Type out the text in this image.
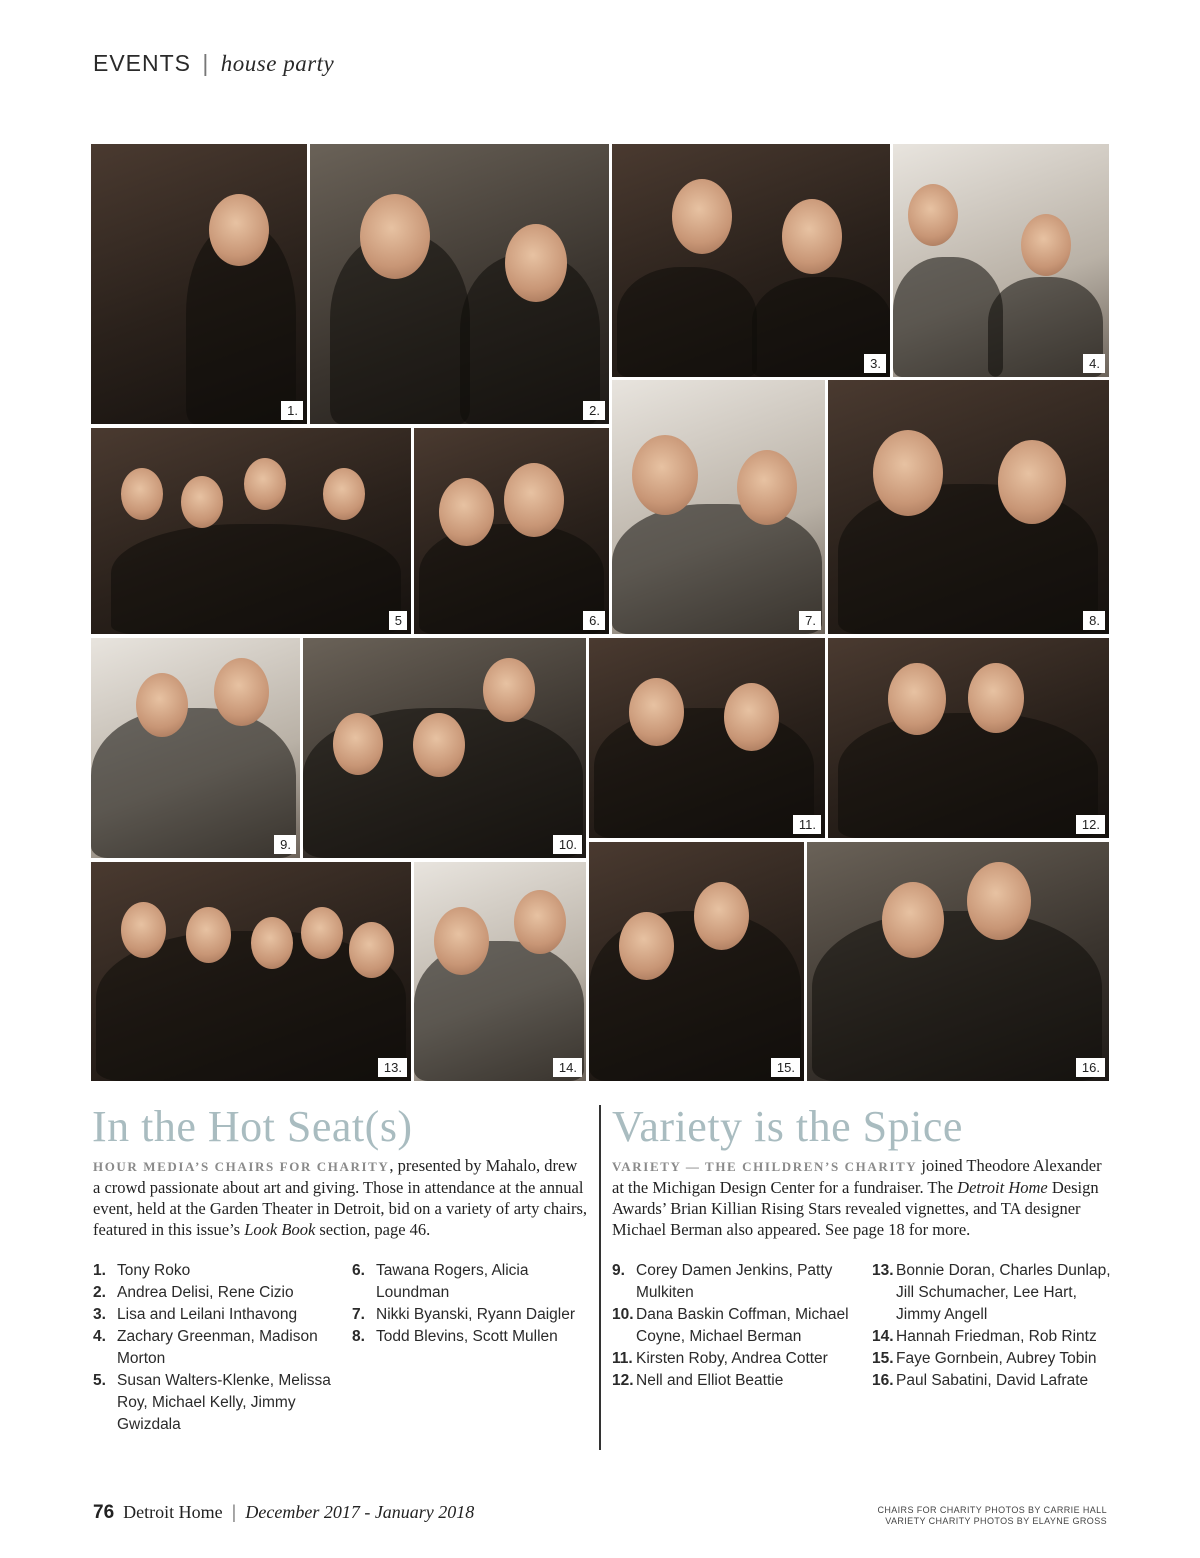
EVENTS | house party
1.	2.
3.	4.
5	6.	7.	8.
9.	10.
11.	12.
13.	14.	15.	16.
In the Hot Seat(s)
HOUR MEDIA’S CHAIRS FOR CHARITY, presented by Mahalo, drew a crowd passionate about art and giving. Those in attendance at the annual event, held at the Garden Theater in Detroit, bid on a variety of arty chairs, featured in this issue’s Look Book section, page 46.
1. Tony Roko
2. Andrea Delisi, Rene Cizio
3. Lisa and Leilani Inthavong
4. Zachary Greenman, Madison Morton
5. Susan Walters-Klenke, Melissa Roy, Michael Kelly, Jimmy Gwizdala
6. Tawana Rogers, Alicia Loundman
7. Nikki Byanski, Ryann Daigler
8. Todd Blevins, Scott Mullen
Variety is the Spice
VARIETY — THE CHILDREN’S CHARITY joined Theodore Alexander at the Michigan Design Center for a fundraiser. The Detroit Home Design Awards’ Brian Killian Rising Stars revealed vignettes, and TA designer Michael Berman also appeared. See page 18 for more.
9. Corey Damen Jenkins, Patty Mulkiten
10. Dana Baskin Coffman, Michael Coyne, Michael Berman
11. Kirsten Roby, Andrea Cotter
12. Nell and Elliot Beattie
13. Bonnie Doran, Charles Dunlap, Jill Schumacher, Lee Hart, Jimmy Angell
14. Hannah Friedman, Rob Rintz
15. Faye Gornbein, Aubrey Tobin
16. Paul Sabatini, David Lafrate
76 Detroit Home | December 2017 - January 2018	CHAIRS FOR CHARITY PHOTOS BY CARRIE HALL
VARIETY CHARITY PHOTOS BY ELAYNE GROSS
